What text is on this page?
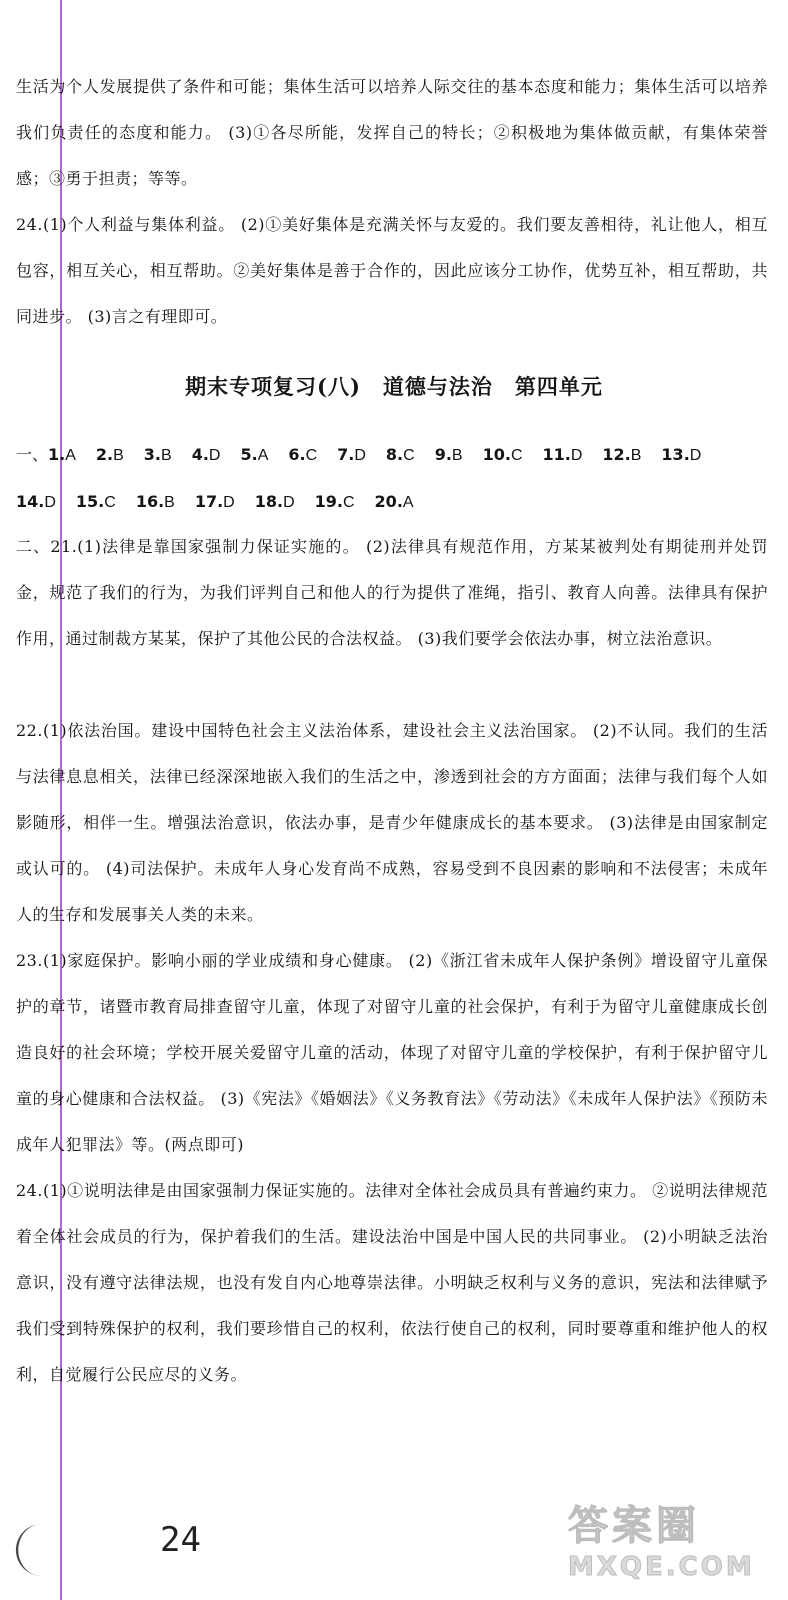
生活为个人发展提供了条件和可能；集体生活可以培养人际交往的基本态度和能力；集体生活可以培养我们负责任的态度和能力。 (3)①各尽所能，发挥自己的特长；②积极地为集体做贡献，有集体荣誉感；③勇于担责；等等。

24.(1)个人利益与集体利益。 (2)①美好集体是充满关怀与友爱的。我们要友善相待，礼让他人，相互包容，相互关心，相互帮助。②美好集体是善于合作的，因此应该分工协作，优势互补，相互帮助，共同进步。 (3)言之有理即可。

期末专项复习(八)　道德与法治　第四单元
一、 1.A 2.B 3.B 4.D 5.A 6.C 7.D 8.C 9.B 10.C 11.D 12.B 13.D
14.D 15.C 16.B 17.D 18.D 19.C 20.A

二、21.(1)法律是靠国家强制力保证实施的。 (2)法律具有规范作用，方某某被判处有期徒刑并处罚金，规范了我们的行为，为我们评判自己和他人的行为提供了准绳，指引、教育人向善。法律具有保护作用，通过制裁方某某，保护了其他公民的合法权益。 (3)我们要学会依法办事，树立法治意识。

22.(1)依法治国。建设中国特色社会主义法治体系，建设社会主义法治国家。 (2)不认同。我们的生活与法律息息相关，法律已经深深地嵌入我们的生活之中，渗透到社会的方方面面；法律与我们每个人如影随形，相伴一生。增强法治意识，依法办事，是青少年健康成长的基本要求。 (3)法律是由国家制定或认可的。 (4)司法保护。未成年人身心发育尚不成熟，容易受到不良因素的影响和不法侵害；未成年人的生存和发展事关人类的未来。

23.(1)家庭保护。影响小丽的学业成绩和身心健康。 (2)《浙江省未成年人保护条例》增设留守儿童保护的章节，诸暨市教育局排查留守儿童，体现了对留守儿童的社会保护，有利于为留守儿童健康成长创造良好的社会环境；学校开展关爱留守儿童的活动，体现了对留守儿童的学校保护，有利于保护留守儿童的身心健康和合法权益。 (3)《宪法》《婚姻法》《义务教育法》《劳动法》《未成年人保护法》《预防未成年人犯罪法》等。(两点即可)

24.(1)①说明法律是由国家强制力保证实施的。法律对全体社会成员具有普遍约束力。 ②说明法律规范着全体社会成员的行为，保护着我们的生活。建设法治中国是中国人民的共同事业。 (2)小明缺乏法治意识，没有遵守法律法规，也没有发自内心地尊崇法律。小明缺乏权利与义务的意识，宪法和法律赋予我们受到特殊保护的权利，我们要珍惜自己的权利，依法行使自己的权利，同时要尊重和维护他人的权利，自觉履行公民应尽的义务。

24	答案圈
MXQE.COM
